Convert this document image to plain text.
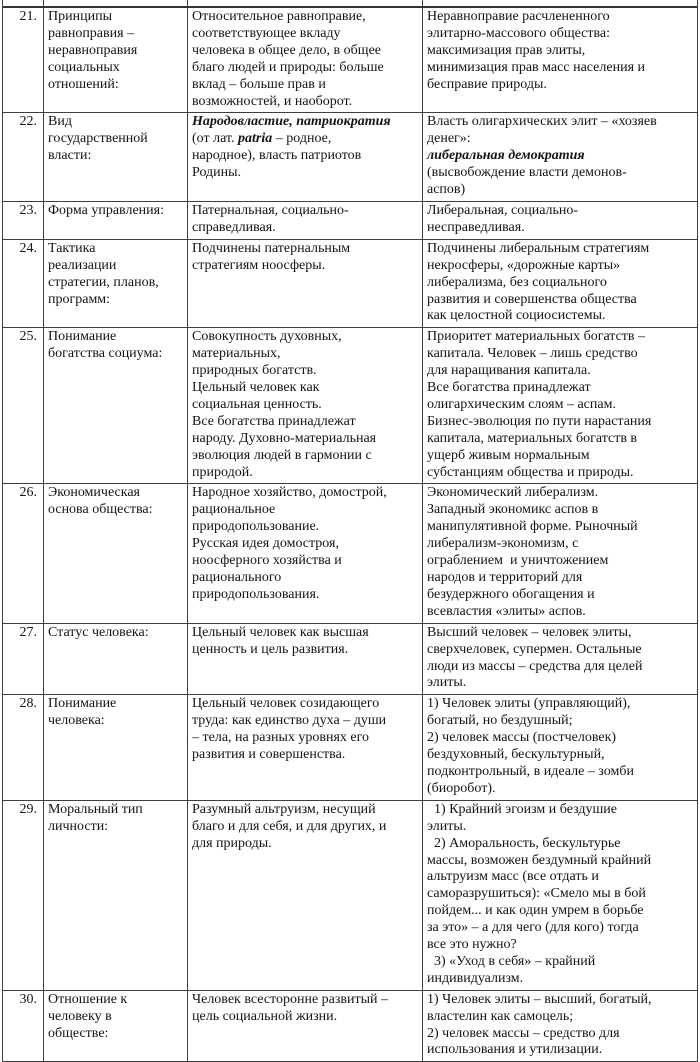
21. Принципы
равноправия –
неравноправия
социальных
отношений:
Относительное равноправие,
соответствующее вкладу
человека в общее дело, в общее
благо людей и природы: больше
вклад – больше прав и
возможностей, и наоборот.
Неравноправие расчлененного
элитарно-массового общества:
максимизация прав элиты,
минимизация прав масс населения и
бесправие природы.
22. Вид
государственной
власти:
Народовластие, патриократия
(от лат. patria – родное,
народное), власть патриотов
Родины.
Власть олигархических элит – «хозяев
денег»:
либеральная демократия
(высвобождение власти демонов-
аспов)
23. Форма управления:	Патернальная, социально-
справедливая.
Либеральная, социально-
несправедливая.
24. Тактика
реализации
стратегии, планов,
программ:
Подчинены патернальным
стратегиям ноосферы.
Подчинены либеральным стратегиям
некросферы, «дорожные карты»
либерализма, без социального
развития и совершенства общества
как целостной социосистемы.
25. Понимание
богатства социума:
Совокупность духовных,
материальных,
природных богатств.
Цельный человек как
социальная ценность.
Все богатства принадлежат
народу. Духовно-материальная
эволюция людей в гармонии с
природой.
Приоритет материальных богатств –
капитала. Человек – лишь средство
для наращивания капитала.
Все богатства принадлежат
олигархическим слоям – аспам.
Бизнес-эволюция по пути нарастания
капитала, материальных богатств в
ущерб живым нормальным
субстанциям общества и природы.
26. Экономическая
основа общества:
Народное хозяйство, домострой,
рациональное
природопользование.
Русская идея домостроя,
ноосферного хозяйства и
рационального
природопользования.
Экономический либерализм.
Западный экономикс аспов в
манипулятивной форме. Рыночный
либерализм-экономизм, с
ограблением  и уничтожением
народов и территорий для
безудержного обогащения и
всевластия «элиты» аспов.
27. Статус человека:	Цельный человек как высшая
ценность и цель развития.
Высший человек – человек элиты,
сверхчеловек, супермен. Остальные
люди из массы – средства для целей
элиты.
28. Понимание
человека:
Цельный человек созидающего
труда: как единство духа – души
– тела, на разных уровнях его
развития и совершенства.
1) Человек элиты (управляющий),
богатый, но бездушный;
2) человек массы (постчеловек)
бездуховный, бескультурный,
подконтрольный, в идеале – зомби
(биоробот).
29. Моральный тип
личности:
Разумный альтруизм, несущий
благо и для себя, и для других, и
для природы.
1) Крайний эгоизм и бездушие
элиты.
2) Аморальность, бескультурье
массы, возможен бездумный крайний
альтруизм масс (все отдать и
саморазрушиться): «Смело мы в бой
пойдем... и как один умрем в борьбе
за это» – а для чего (для кого) тогда
все это нужно?
3) «Уход в себя» – крайний
индивидуализм.
30. Отношение к
человеку в
обществе:
Человек всесторонне развитый –
цель социальной жизни.
1) Человек элиты – высший, богатый,
властелин как самоцель;
2) человек массы – средство для
использования и утилизации.
